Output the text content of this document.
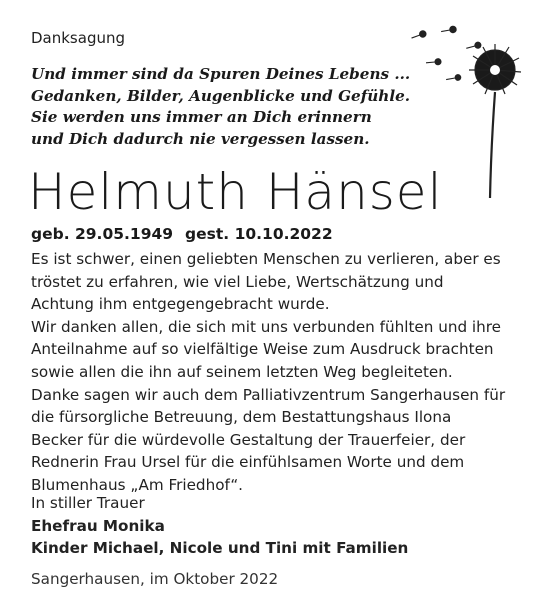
Danksagung
Und immer sind da Spuren Deines Lebens ...
Gedanken, Bilder, Augenblicke und Gefühle.
Sie werden uns immer an Dich erinnern
und Dich dadurch nie vergessen lassen.
Helmuth Hänsel
geb. 29.05.1949 gest. 10.10.2022
Es ist schwer, einen geliebten Menschen zu verlieren, aber es
tröstet zu erfahren, wie viel Liebe, Wertschätzung und
Achtung ihm entgegengebracht wurde.
Wir danken allen, die sich mit uns verbunden fühlten und ihre
Anteilnahme auf so vielfältige Weise zum Ausdruck brachten
sowie allen die ihn auf seinem letzten Weg begleiteten.
Danke sagen wir auch dem Palliativzentrum Sangerhausen für
die fürsorgliche Betreuung, dem Bestattungshaus Ilona
Becker für die würdevolle Gestaltung der Trauerfeier, der
Rednerin Frau Ursel für die einfühlsamen Worte und dem
Blumenhaus „Am Friedhof“.
In stiller Trauer
Ehefrau Monika
Kinder Michael, Nicole und Tini mit Familien
Sangerhausen, im Oktober 2022
